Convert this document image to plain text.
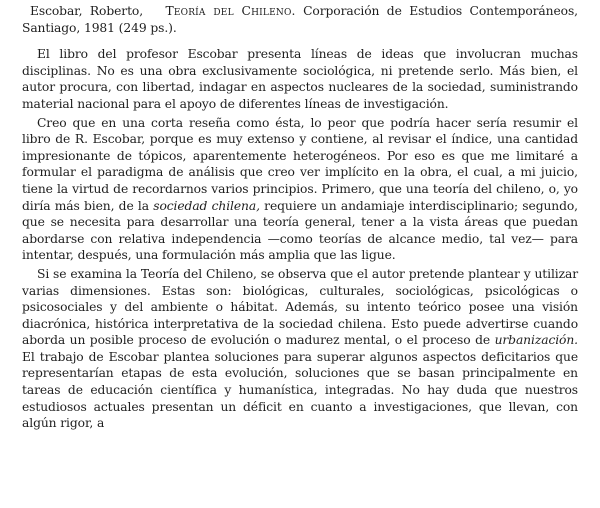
Escobar, Roberto, Teoría del Chileno. Corporación de Estudios Contemporáneos, Santiago, 1981 (249 ps.).

El libro del profesor Escobar presenta líneas de ideas que involucran muchas disciplinas. No es una obra exclusivamente sociológica, ni pretende serlo. Más bien, el autor procura, con libertad, indagar en aspectos nucleares de la sociedad, suministrando material nacional para el apoyo de diferentes líneas de investigación.

Creo que en una corta reseña como ésta, lo peor que podría hacer sería resumir el libro de R. Escobar, porque es muy extenso y contiene, al revisar el índice, una cantidad impresionante de tópicos, aparentemente heterogéneos. Por eso es que me limitaré a formular el paradigma de análisis que creo ver implícito en la obra, el cual, a mi juicio, tiene la virtud de recordarnos varios principios. Primero, que una teoría del chileno, o, yo diría más bien, de la sociedad chilena, requiere un andamiaje interdisciplinario; segundo, que se necesita para desarrollar una teoría general, tener a la vista áreas que puedan abordarse con relativa independencia —como teorías de alcance medio, tal vez— para intentar, después, una formulación más amplia que las ligue.

Si se examina la Teoría del Chileno, se observa que el autor pretende plantear y utilizar varias dimensiones. Estas son: biológicas, culturales, sociológicas, psicológicas o psicosociales y del ambiente o hábitat. Además, su intento teórico posee una visión diacrónica, histórica interpretativa de la sociedad chilena. Esto puede advertirse cuando aborda un posible proceso de evolución o madurez mental, o el proceso de urbanización. El trabajo de Escobar plantea soluciones para superar algunos aspectos deficitarios que representarían etapas de esta evolución, soluciones que se basan principalmente en tareas de educación científica y humanística, integradas. No hay duda que nuestros estudiosos actuales presentan un déficit en cuanto a investigaciones, que llevan, con algún rigor, a
